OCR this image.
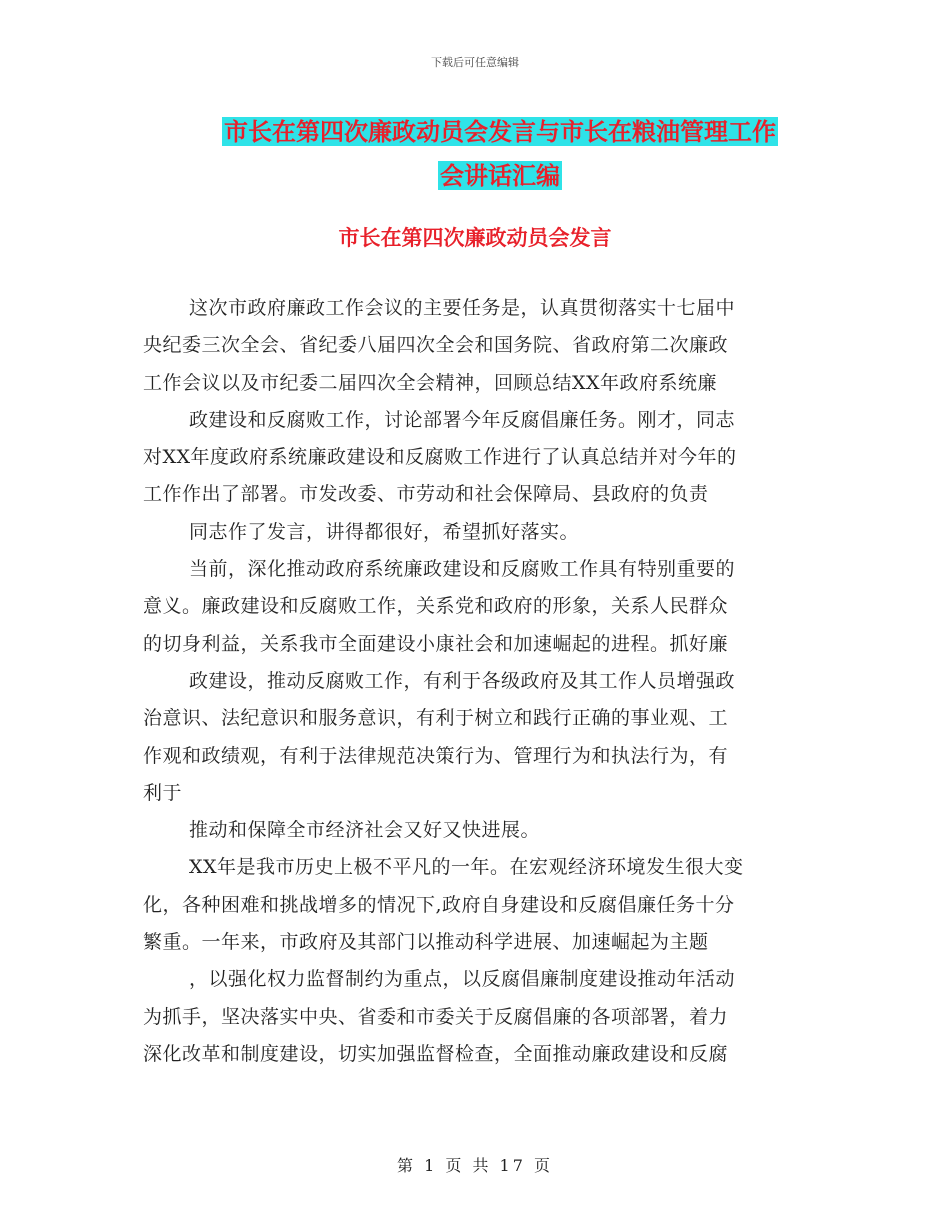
下载后可任意编辑
市长在第四次廉政动员会发言与市长在粮油管理工作
会讲话汇编
市长在第四次廉政动员会发言
这次市政府廉政工作会议的主要任务是，认真贯彻落实十七届中
央纪委三次全会、省纪委八届四次全会和国务院、省政府第二次廉政
工作会议以及市纪委二届四次全会精神，回顾总结XX年政府系统廉
政建设和反腐败工作，讨论部署今年反腐倡廉任务。刚才，同志
对XX年度政府系统廉政建设和反腐败工作进行了认真总结并对今年的
工作作出了部署。市发改委、市劳动和社会保障局、县政府的负责
同志作了发言，讲得都很好，希望抓好落实。
当前，深化推动政府系统廉政建设和反腐败工作具有特别重要的
意义。廉政建设和反腐败工作，关系党和政府的形象，关系人民群众
的切身利益，关系我市全面建设小康社会和加速崛起的进程。抓好廉
政建设，推动反腐败工作，有利于各级政府及其工作人员增强政
治意识、法纪意识和服务意识，有利于树立和践行正确的事业观、工
作观和政绩观，有利于法律规范决策行为、管理行为和执法行为，有
利于
推动和保障全市经济社会又好又快进展。
XX年是我市历史上极不平凡的一年。在宏观经济环境发生很大变
化，各种困难和挑战增多的情况下,政府自身建设和反腐倡廉任务十分
繁重。一年来，市政府及其部门以推动科学进展、加速崛起为主题
，以强化权力监督制约为重点，以反腐倡廉制度建设推动年活动
为抓手，坚决落实中央、省委和市委关于反腐倡廉的各项部署，着力
深化改革和制度建设，切实加强监督检查，全面推动廉政建设和反腐
第 1 页 共 17 页
